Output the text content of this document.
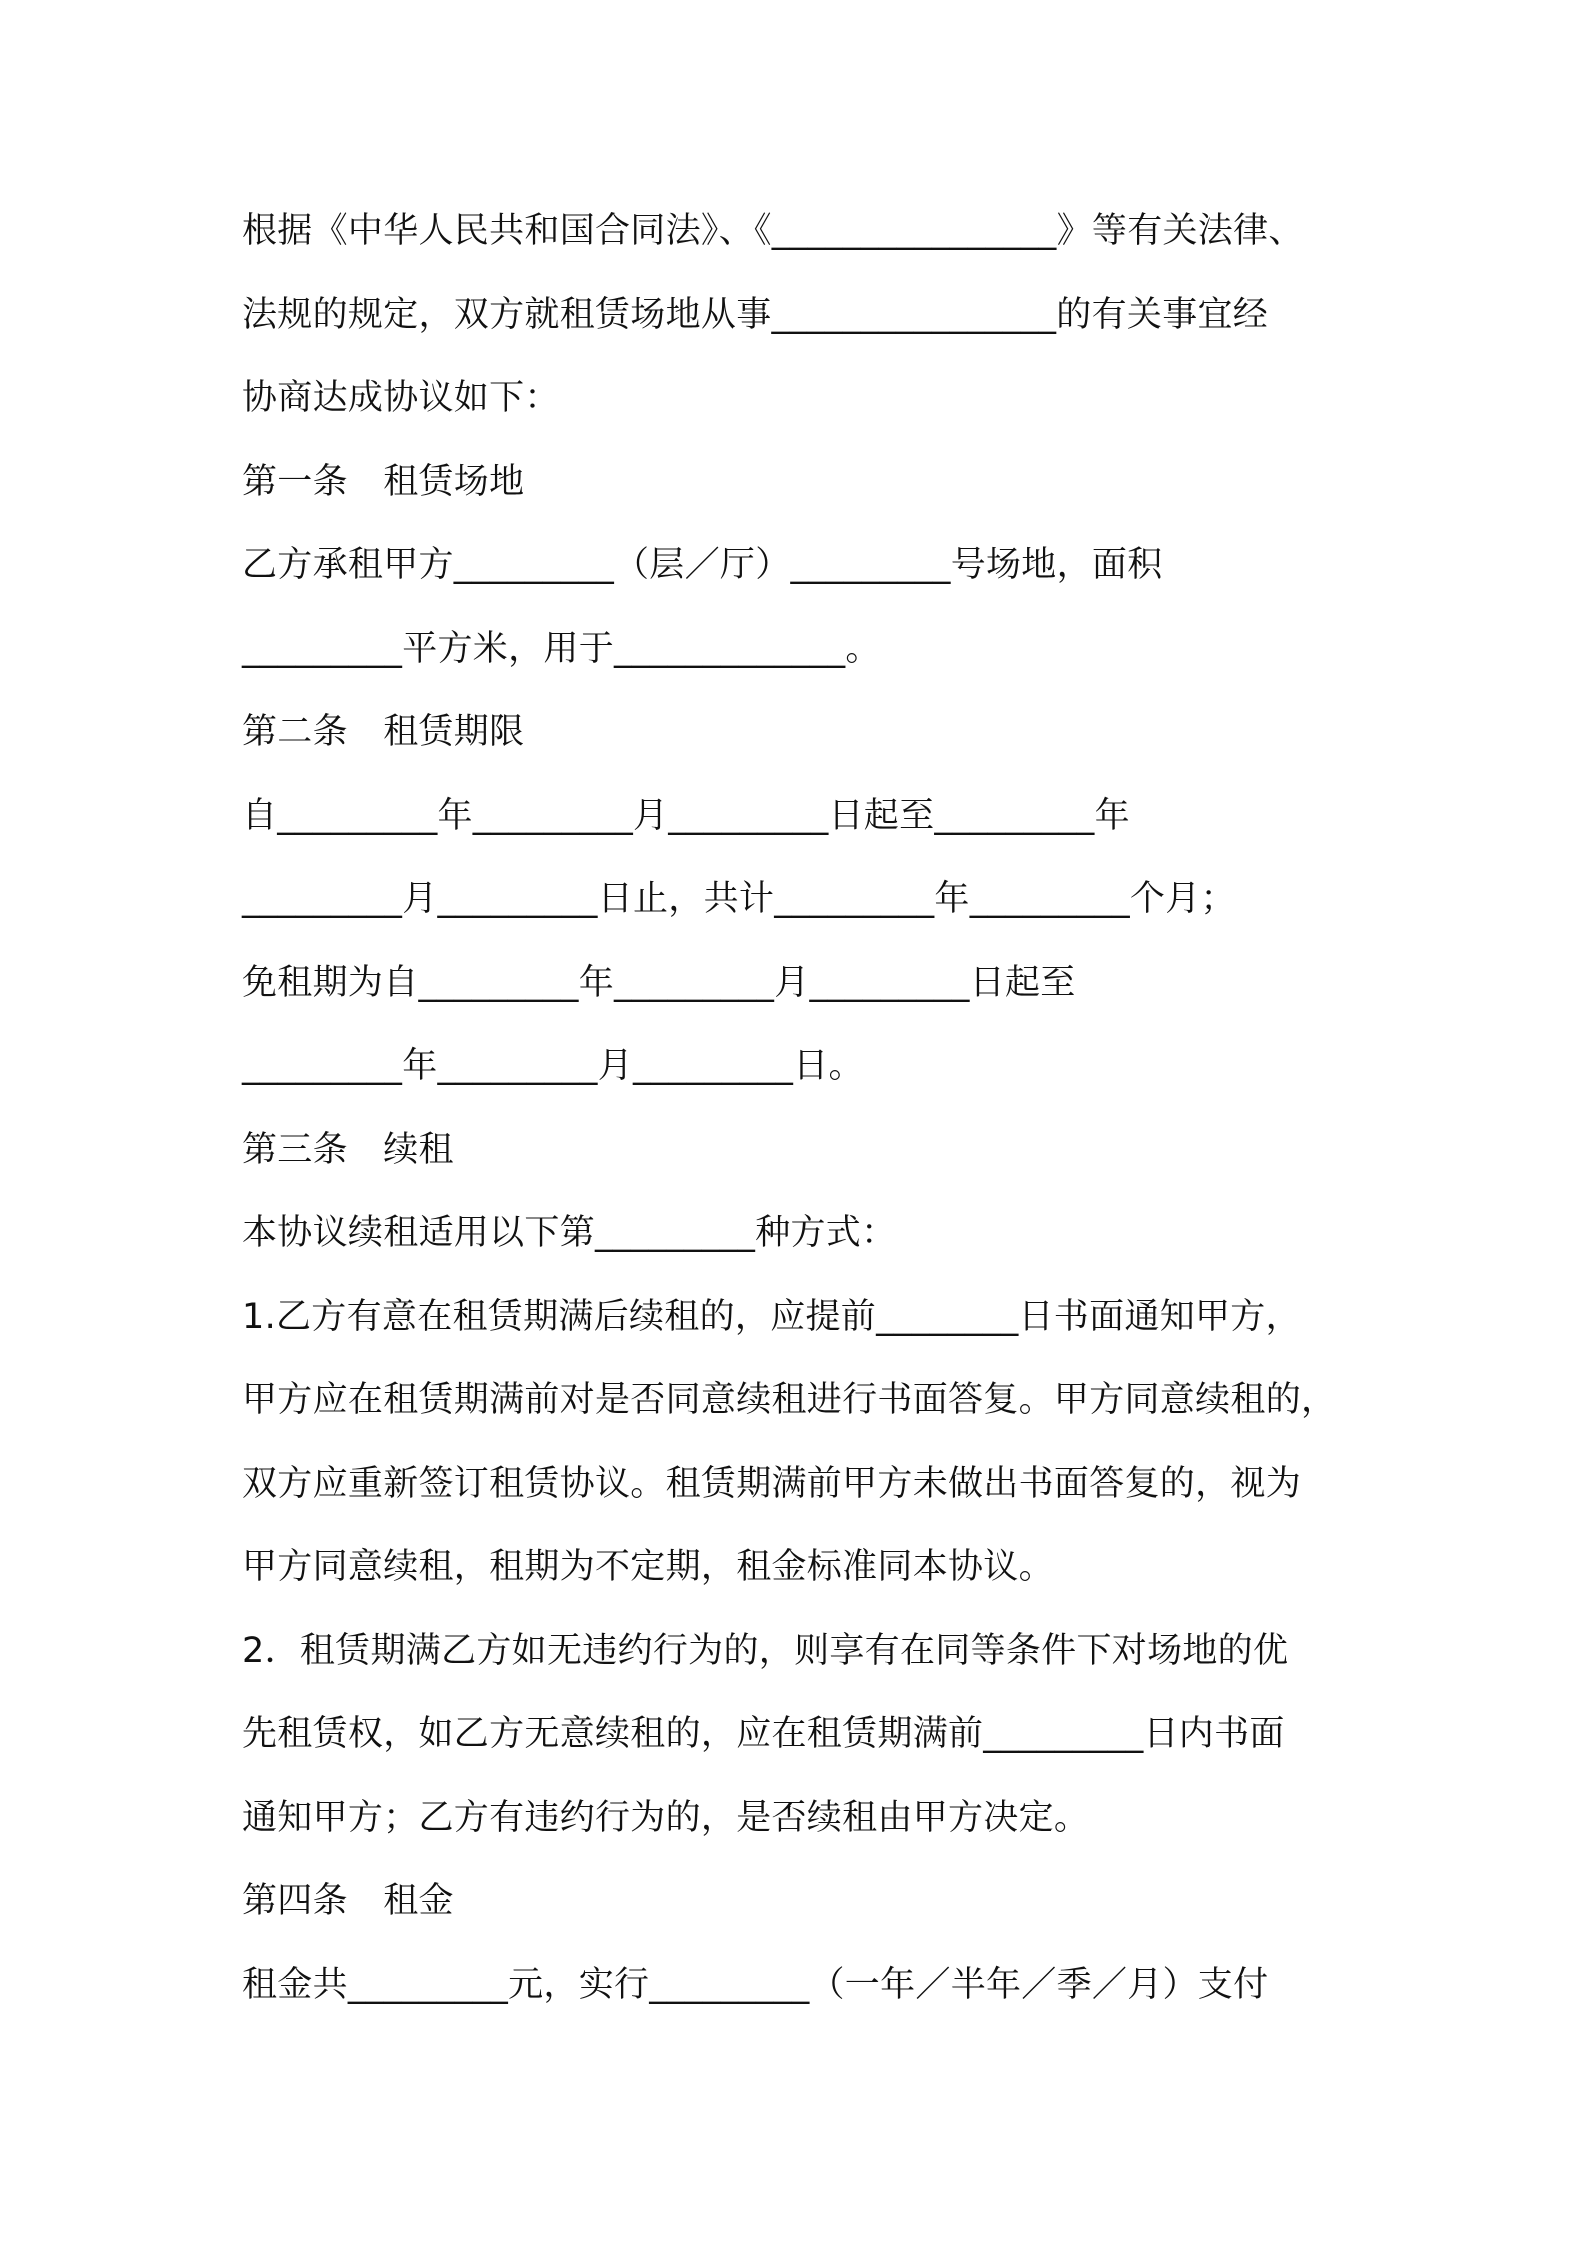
根据《中华人民共和国合同法》、《________________》等有关法律、
法规的规定，双方就租赁场地从事________________的有关事宜经
协商达成协议如下：
第一条　租赁场地
乙方承租甲方_________（层／厅）_________号场地，面积
_________平方米，用于_____________。
第二条　租赁期限
自_________年_________月_________日起至_________年
_________月_________日止，共计_________年_________个月；
免租期为自_________年_________月_________日起至
_________年_________月_________日。
第三条　续租
本协议续租适用以下第_________种方式：
1.乙方有意在租赁期满后续租的，应提前________日书面通知甲方，
甲方应在租赁期满前对是否同意续租进行书面答复。甲方同意续租的，
双方应重新签订租赁协议。租赁期满前甲方未做出书面答复的，视为
甲方同意续租，租期为不定期，租金标准同本协议。
2．租赁期满乙方如无违约行为的，则享有在同等条件下对场地的优
先租赁权，如乙方无意续租的，应在租赁期满前_________日内书面
通知甲方；乙方有违约行为的，是否续租由甲方决定。
第四条　租金
租金共_________元，实行_________（一年／半年／季／月）支付
